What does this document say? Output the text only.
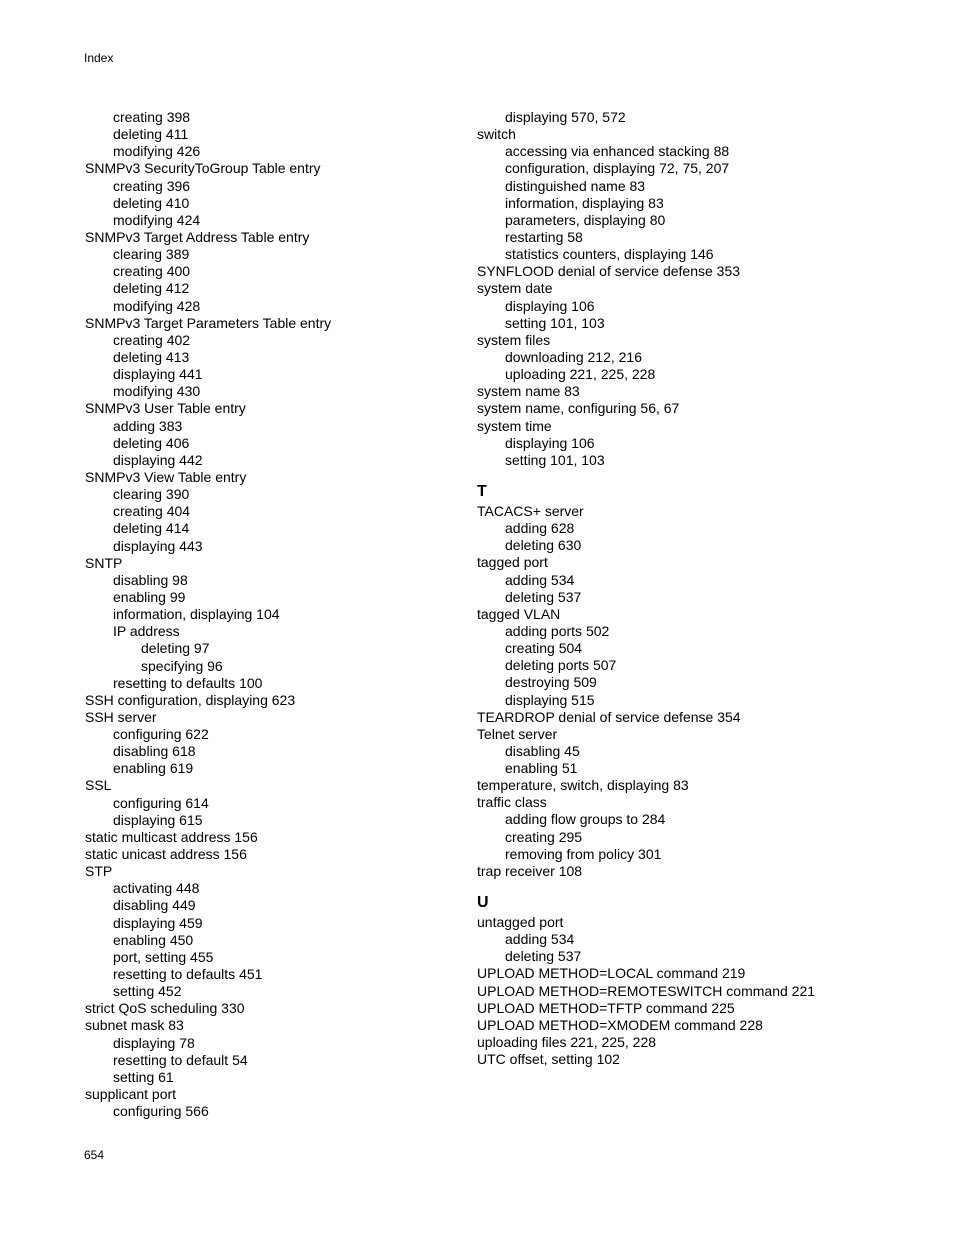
Index
creating 398
deleting 411
modifying 426
SNMPv3 SecurityToGroup Table entry
creating 396
deleting 410
modifying 424
SNMPv3 Target Address Table entry
clearing 389
creating 400
deleting 412
modifying 428
SNMPv3 Target Parameters Table entry
creating 402
deleting 413
displaying 441
modifying 430
SNMPv3 User Table entry
adding 383
deleting 406
displaying 442
SNMPv3 View Table entry
clearing 390
creating 404
deleting 414
displaying 443
SNTP
disabling 98
enabling 99
information, displaying 104
IP address
deleting 97
specifying 96
resetting to defaults 100
SSH configuration, displaying 623
SSH server
configuring 622
disabling 618
enabling 619
SSL
configuring 614
displaying 615
static multicast address 156
static unicast address 156
STP
activating 448
disabling 449
displaying 459
enabling 450
port, setting 455
resetting to defaults 451
setting 452
strict QoS scheduling 330
subnet mask 83
displaying 78
resetting to default 54
setting 61
supplicant port
configuring 566
displaying 570, 572
switch
accessing via enhanced stacking 88
configuration, displaying 72, 75, 207
distinguished name 83
information, displaying 83
parameters, displaying 80
restarting 58
statistics counters, displaying 146
SYNFLOOD denial of service defense 353
system date
displaying 106
setting 101, 103
system files
downloading 212, 216
uploading 221, 225, 228
system name 83
system name, configuring 56, 67
system time
displaying 106
setting 101, 103
T
TACACS+ server
adding 628
deleting 630
tagged port
adding 534
deleting 537
tagged VLAN
adding ports 502
creating 504
deleting ports 507
destroying 509
displaying 515
TEARDROP denial of service defense 354
Telnet server
disabling 45
enabling 51
temperature, switch, displaying 83
traffic class
adding flow groups to 284
creating 295
removing from policy 301
trap receiver 108
U
untagged port
adding 534
deleting 537
UPLOAD METHOD=LOCAL command 219
UPLOAD METHOD=REMOTESWITCH command 221
UPLOAD METHOD=TFTP command 225
UPLOAD METHOD=XMODEM command 228
uploading files 221, 225, 228
UTC offset, setting 102
654
